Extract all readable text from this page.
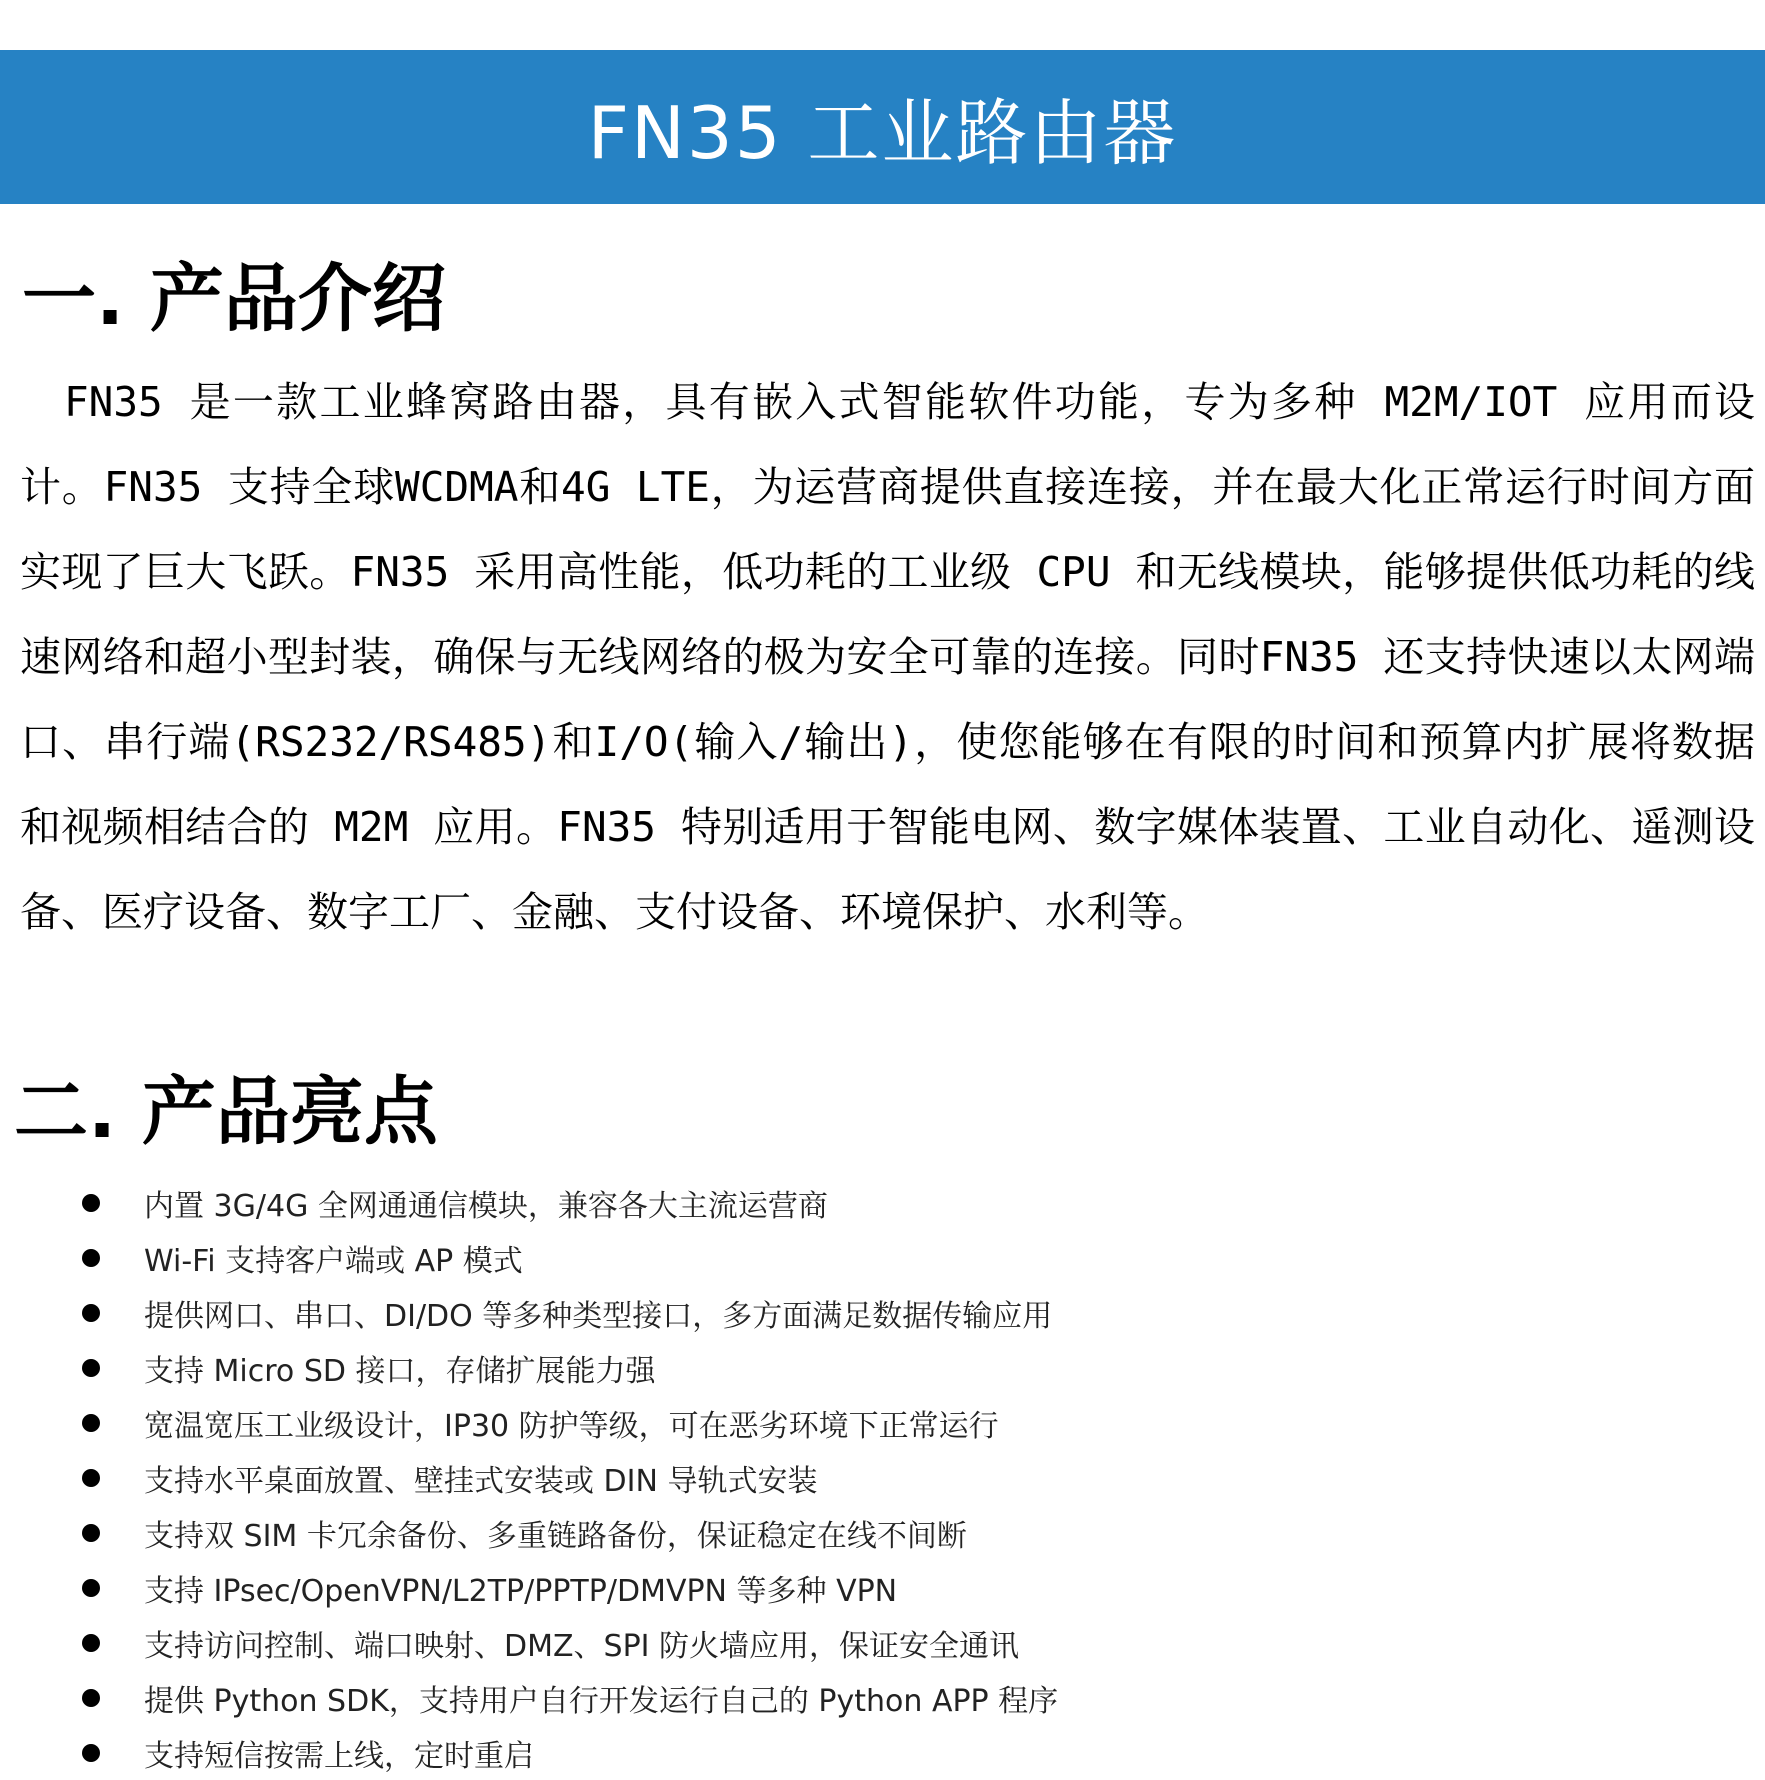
FN35 工业路由器
一. 产品介绍

FN35 是一款工业蜂窝路由器，具有嵌入式智能软件功能，专为多种 M2M/IOT 应用而设计。FN35 支持全球WCDMA和4G LTE，为运营商提供直接连接，并在最大化正常运行时间方面实现了巨大飞跃。FN35 采用高性能，低功耗的工业级 CPU 和无线模块，能够提供低功耗的线速网络和超小型封装，确保与无线网络的极为安全可靠的连接。同时FN35 还支持快速以太网端口、串行端(RS232/RS485)和I/O(输入/输出)，使您能够在有限的时间和预算内扩展将数据和视频相结合的 M2M 应用。FN35 特别适用于智能电网、数字媒体装置、工业自动化、遥测设备、医疗设备、数字工厂、金融、支付设备、环境保护、水利等。

二. 产品亮点
内置 3G/4G 全网通通信模块，兼容各大主流运营商
Wi-Fi 支持客户端或 AP 模式
提供网口、串口、DI/DO 等多种类型接口，多方面满足数据传输应用
支持 Micro SD 接口，存储扩展能力强
宽温宽压工业级设计，IP30 防护等级，可在恶劣环境下正常运行
支持水平桌面放置、壁挂式安装或 DIN 导轨式安装
支持双 SIM 卡冗余备份、多重链路备份，保证稳定在线不间断
支持 IPsec/OpenVPN/L2TP/PPTP/DMVPN 等多种 VPN
支持访问控制、端口映射、DMZ、SPI 防火墙应用，保证安全通讯
提供 Python SDK，支持用户自行开发运行自己的 Python APP 程序
支持短信按需上线，定时重启
